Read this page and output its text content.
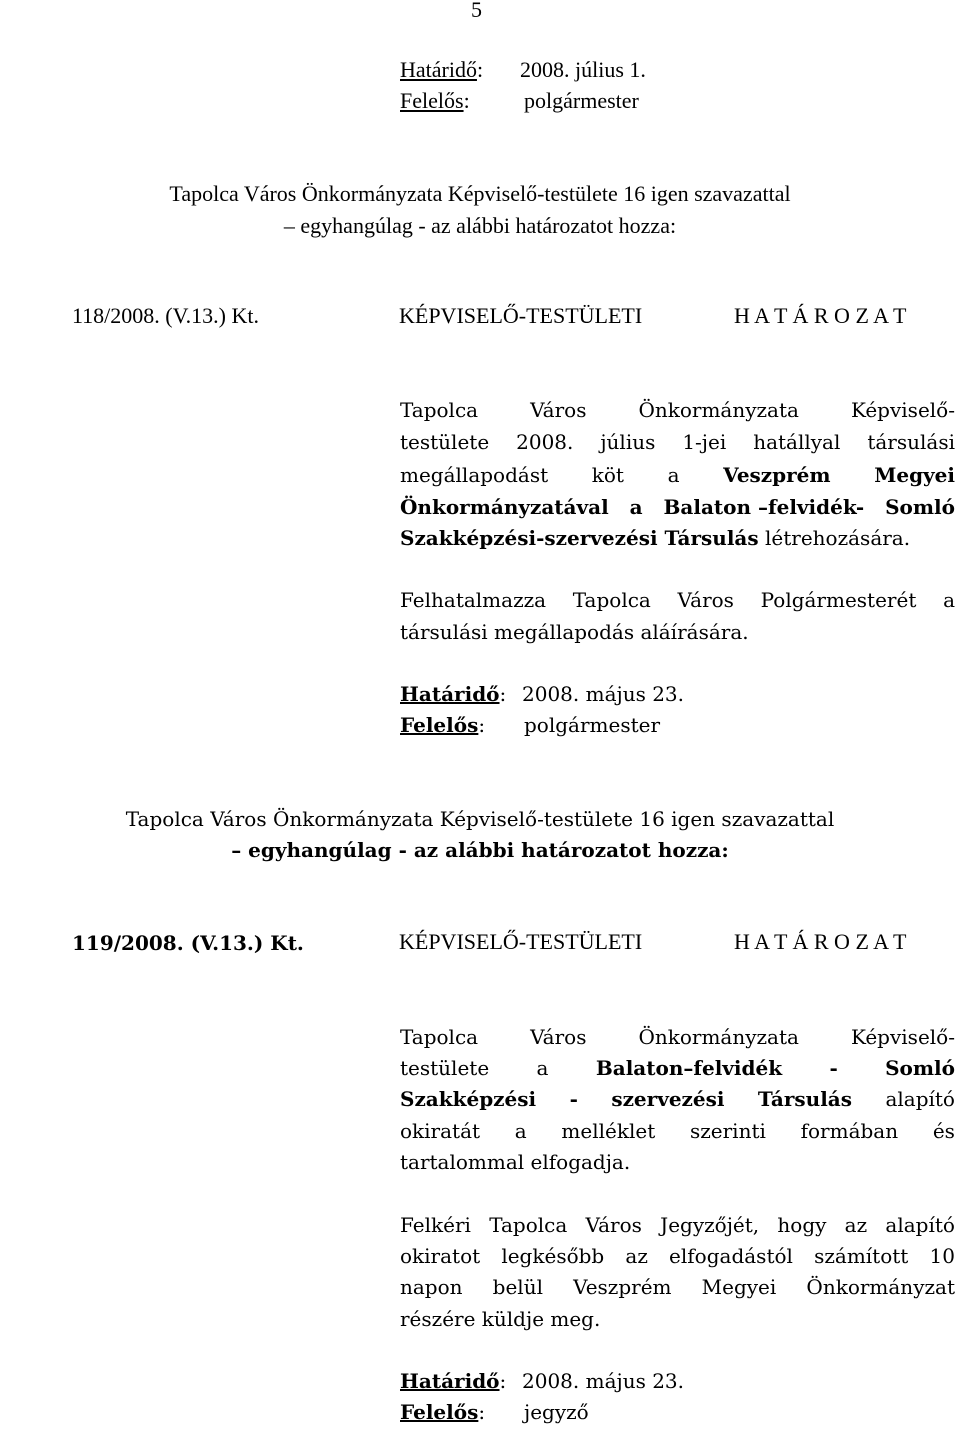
5
Határidő: 2008. július 1.
Felelős: polgármester
Tapolca Város Önkormányzata Képviselő-testülete 16 igen szavazattal
– egyhangúlag - az alábbi határozatot hozza:
118/2008. (V.13.) Kt.	KÉPVISELŐ-TESTÜLETI	H A T Á R O Z A T
Tapolca	Város	Önkormányzata	Képviselő-
testülete 2008. július 1-jei hatállyal társulási
megállapodást köt a Veszprém Megyei
Önkormányzatával a Balaton –felvidék- Somló
Szakképzési-szervezési Társulás létrehozására.
Felhatalmazza Tapolca Város Polgármesterét a
társulási megállapodás aláírására.
Határidő: 2008. május 23.
Felelős: polgármester
Tapolca Város Önkormányzata Képviselő-testülete 16 igen szavazattal
– egyhangúlag - az alábbi határozatot hozza:
119/2008. (V.13.) Kt.	KÉPVISELŐ-TESTÜLETI	H A T Á R O Z A T
Tapolca	Város	Önkormányzata	Képviselő-
testülete a Balaton–felvidék - Somló
Szakképzési - szervezési Társulás alapító
okiratát a melléklet szerinti formában és
tartalommal elfogadja.
Felkéri Tapolca Város Jegyzőjét, hogy az alapító
okiratot legkésőbb az elfogadástól számított 10
napon belül Veszprém Megyei Önkormányzat
részére küldje meg.
Határidő: 2008. május 23.
Felelős: jegyző
